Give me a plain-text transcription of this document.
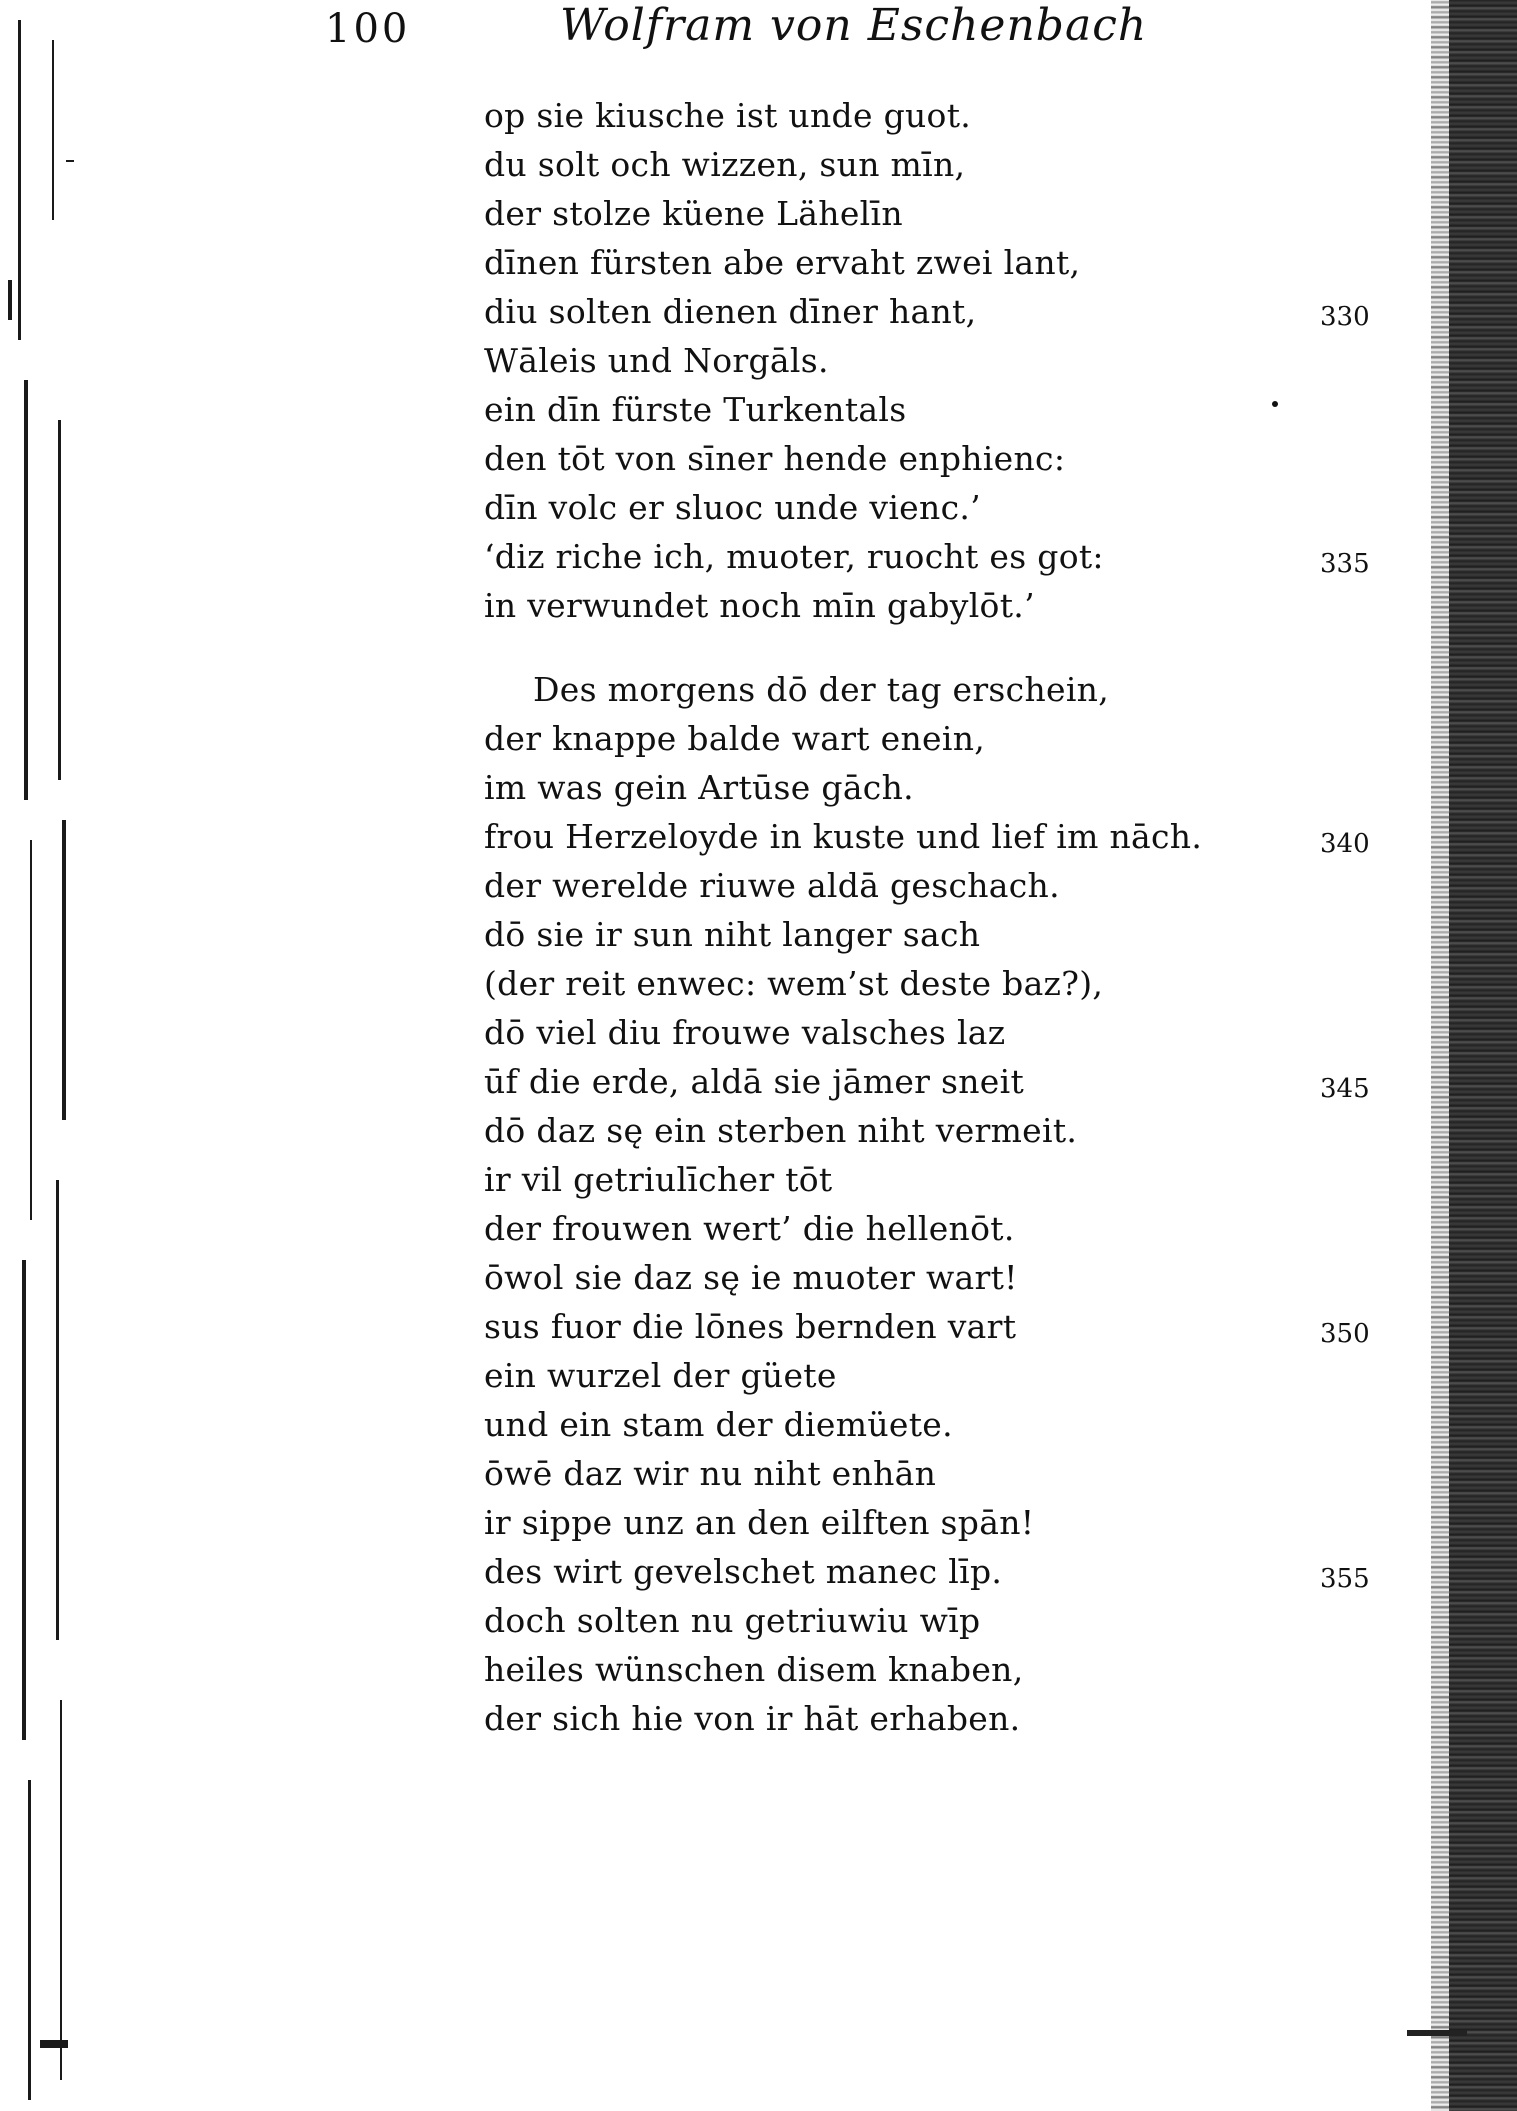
100	Wolfram von Eschenbach
op sie kiusche ist unde guot.
du solt och wizzen, sun mīn,
der stolze küene Lähelīn
dīnen fürsten abe ervaht zwei lant,
diu solten dienen dīner hant,
Wāleis und Norgāls.
ein dīn fürste Turkentals
den tōt von sīner hende enphienc:
dīn volc er sluoc unde vienc.’
‘diz riche ich, muoter, ruocht es got:
in verwundet noch mīn gabylōt.’
Des morgens dō der tag erschein,
der knappe balde wart enein,
im was gein Artūse gāch.
frou Herzeloyde in kuste und lief im nāch.
der werelde riuwe aldā geschach.
dō sie ir sun niht langer sach
(der reit enwec: wem’st deste baz?),
dō viel diu frouwe valsches laz
ūf die erde, aldā sie jāmer sneit
dō daz sę ein sterben niht vermeit.
ir vil getriulīcher tōt
der frouwen wert’ die hellenōt.
ōwol sie daz sę ie muoter wart!
sus fuor die lōnes bernden vart
ein wurzel der güete
und ein stam der diemüete.
ōwē daz wir nu niht enhān
ir sippe unz an den eilften spān!
des wirt gevelschet manec līp.
doch solten nu getriuwiu wīp
heiles wünschen disem knaben,
der sich hie von ir hāt erhaben.
330
335
340
345
350
355
